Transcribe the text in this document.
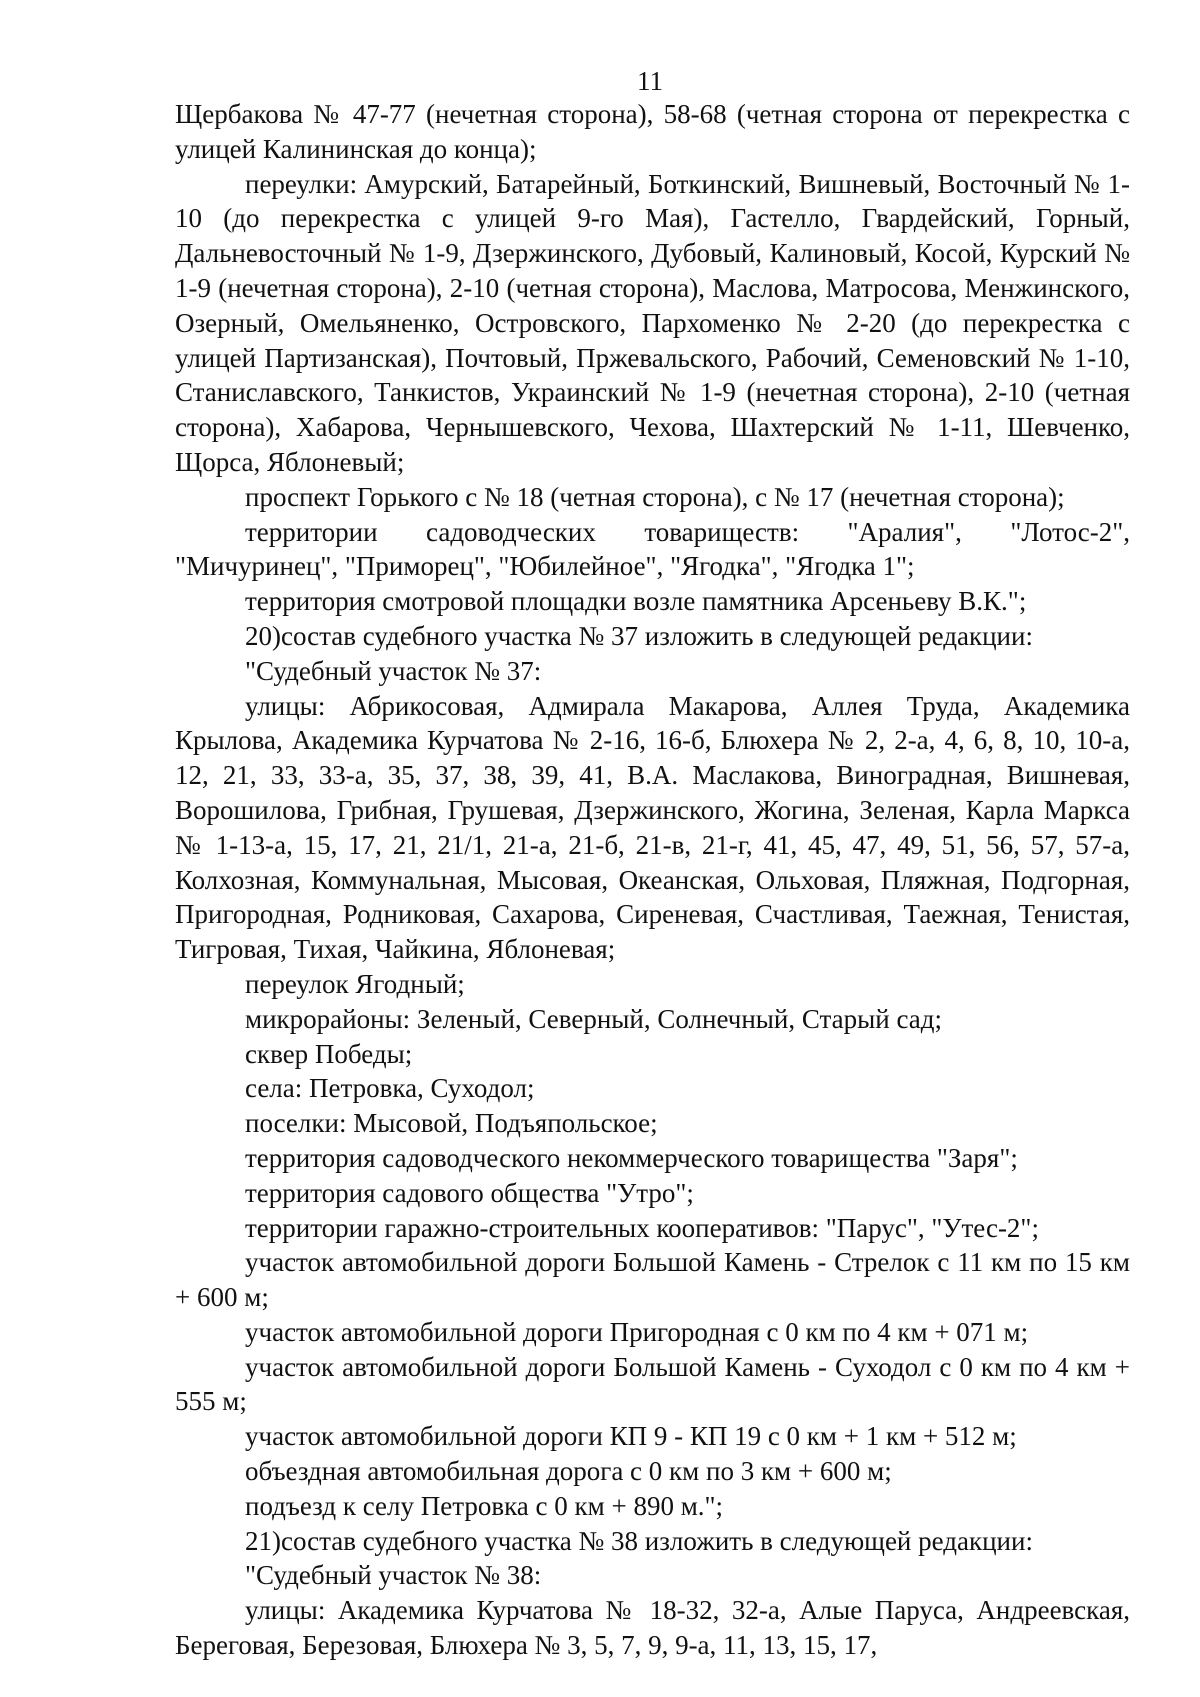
11

Щербакова № 47-77 (нечетная сторона), 58-68 (четная сторона от перекрестка с улицей Калининская до конца);

переулки: Амурский, Батарейный, Боткинский, Вишневый, Восточный № 1-10 (до перекрестка с улицей 9-го Мая), Гастелло, Гвардейский, Горный, Дальневосточный № 1-9, Дзержинского, Дубовый, Калиновый, Косой, Курский № 1-9 (нечетная сторона), 2-10 (четная сторона), Маслова, Матросова, Менжинского, Озерный, Омельяненко, Островского, Пархоменко № 2-20 (до перекрестка с улицей Партизанская), Почтовый, Пржевальского, Рабочий, Семеновский № 1-10, Станиславского, Танкистов, Украинский № 1-9 (нечетная сторона), 2-10 (четная сторона), Хабарова, Чернышевского, Чехова, Шахтерский № 1-11, Шевченко, Щорса, Яблоневый;

проспект Горького с № 18 (четная сторона), с № 17 (нечетная сторона);

территории садоводческих товариществ: "Аралия", "Лотос-2", "Мичуринец", "Приморец", "Юбилейное", "Ягодка", "Ягодка 1";

территория смотровой площадки возле памятника Арсеньеву В.К.";

20)состав судебного участка № 37 изложить в следующей редакции:

"Судебный участок № 37:

улицы: Абрикосовая, Адмирала Макарова, Аллея Труда, Академика Крылова, Академика Курчатова № 2-16, 16-б, Блюхера № 2, 2-а, 4, 6, 8, 10, 10-а, 12, 21, 33, 33-а, 35, 37, 38, 39, 41, В.А. Маслакова, Виноградная, Вишневая, Ворошилова, Грибная, Грушевая, Дзержинского, Жогина, Зеленая, Карла Маркса № 1-13-а, 15, 17, 21, 21/1, 21-а, 21-б, 21-в, 21-г, 41, 45, 47, 49, 51, 56, 57, 57-а, Колхозная, Коммунальная, Мысовая, Океанская, Ольховая, Пляжная, Подгорная, Пригородная, Родниковая, Сахарова, Сиреневая, Счастливая, Таежная, Тенистая, Тигровая, Тихая, Чайкина, Яблоневая;

переулок Ягодный;

микрорайоны: Зеленый, Северный, Солнечный, Старый сад;

сквер Победы;

села: Петровка, Суходол;

поселки: Мысовой, Подъяпольское;

территория садоводческого некоммерческого товарищества "Заря";

территория садового общества "Утро";

территории гаражно-строительных кооперативов: "Парус", "Утес-2";

участок автомобильной дороги Большой Камень - Стрелок с 11 км по 15 км + 600 м;

участок автомобильной дороги Пригородная с 0 км по 4 км + 071 м;

участок автомобильной дороги Большой Камень - Суходол с 0 км по 4 км + 555 м;

участок автомобильной дороги КП 9 - КП 19 с 0 км + 1 км + 512 м;

объездная автомобильная дорога с 0 км по 3 км + 600 м;

подъезд к селу Петровка с 0 км + 890 м.";

21)состав судебного участка № 38 изложить в следующей редакции:

"Судебный участок № 38:

улицы: Академика Курчатова № 18-32, 32-а, Алые Паруса, Андреевская, Береговая, Березовая, Блюхера № 3, 5, 7, 9, 9-а, 11, 13, 15, 17,
